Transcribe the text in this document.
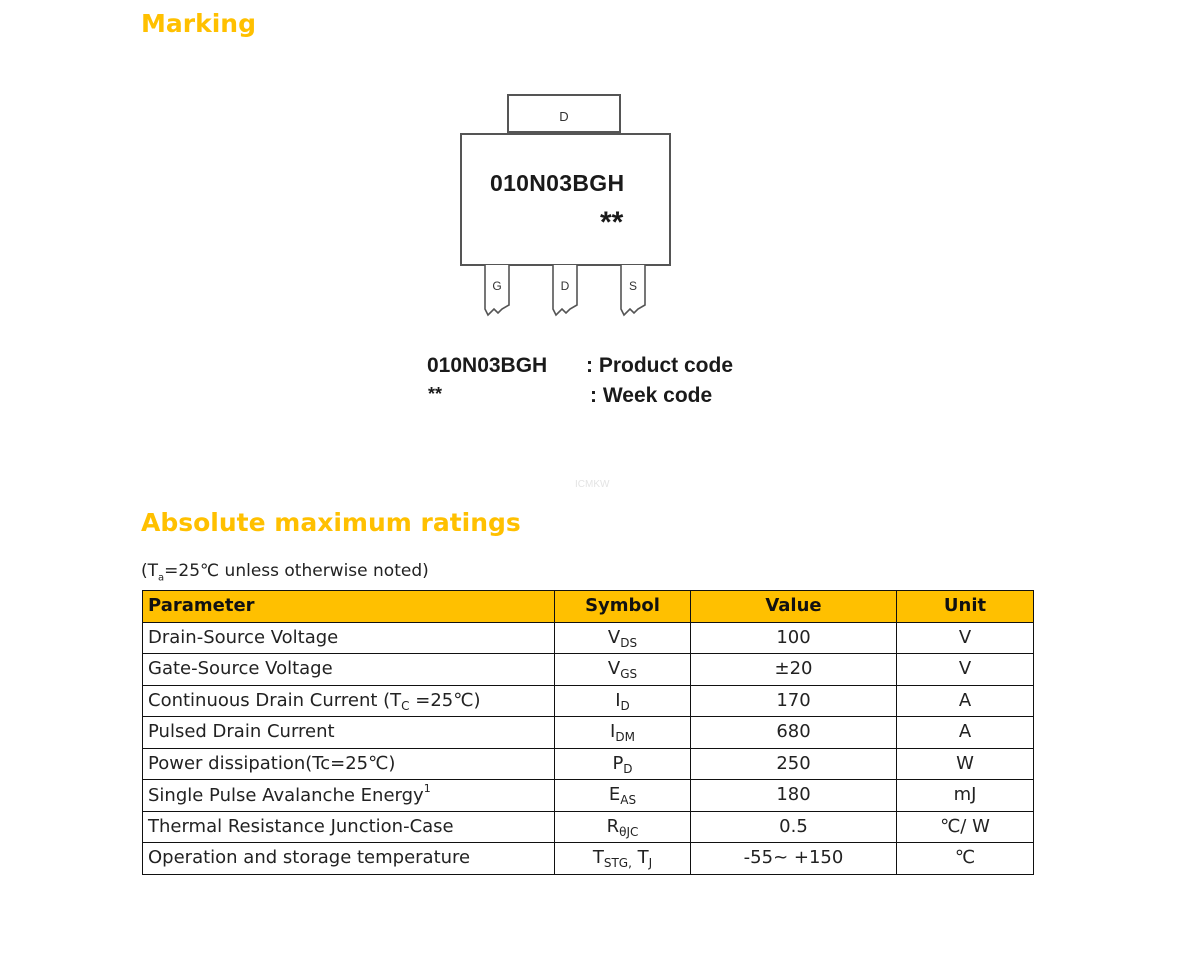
Marking
D
010N03BGH
**
G	D	S
010N03BGH : Product code
**	: Week code
ICMKW
Absolute maximum ratings
($T_a=25℃$ unless otherwise noted)
Parameter	Symbol	Value	Unit
Drain-Source Voltage	$V_{DS}$	100	V
Gate-Source Voltage	$V_{GS}$	±20	V
Continuous Drain Current ($T_C$ =25℃)	$I_D$	170	A
Pulsed Drain Current	$I_{DM}$	680	A
Power dissipation(Tc=25℃)	$P_D$	250	W
Single Pulse Avalanche Energy$^1$	$E_{AS}$	180	mJ
Thermal Resistance Junction-Case	$R_{\theta JC}$	0.5	℃/ W
Operation and storage temperature	$T_{STG,}$ $T_J$	-55~ +150	℃
